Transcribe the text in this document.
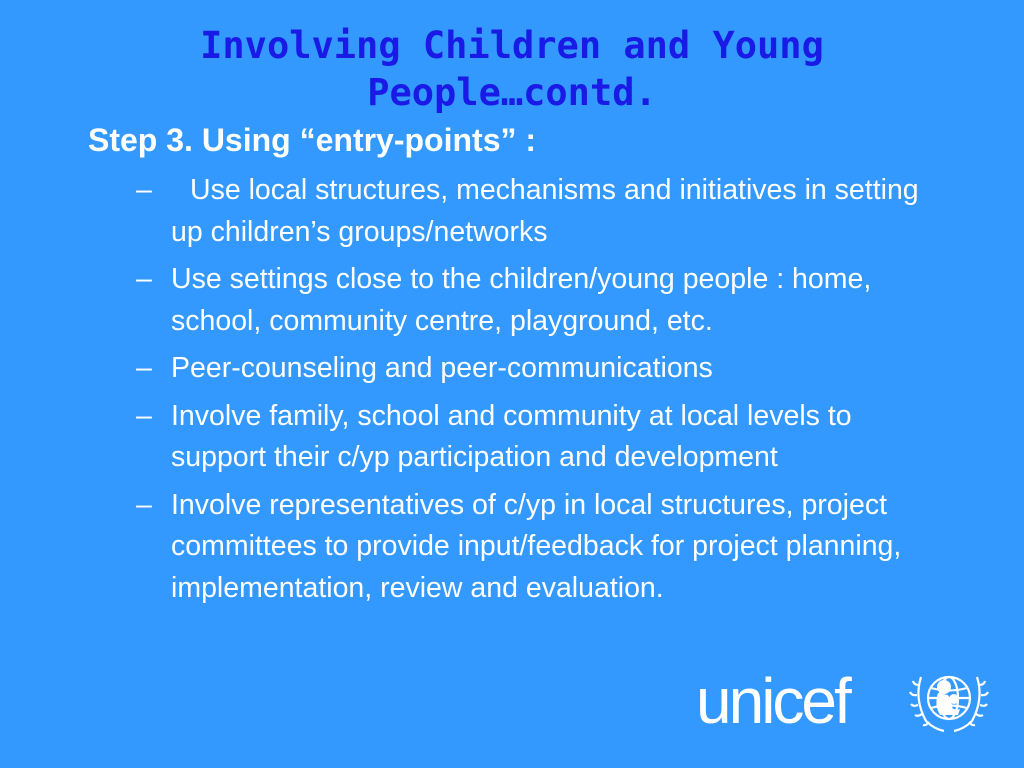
Involving Children and Young People…contd.
Step 3. Using “entry-points” :
–	Use local structures, mechanisms and initiatives in setting up children’s groups/networks
– Use settings close to the children/young people : home, school, community centre, playground, etc.
– Peer-counseling and peer-communications
– Involve family, school and community at local levels to support their c/yp participation and development
– Involve representatives of c/yp in local structures, project committees to provide input/feedback for project planning, implementation, review and evaluation.
unicef
